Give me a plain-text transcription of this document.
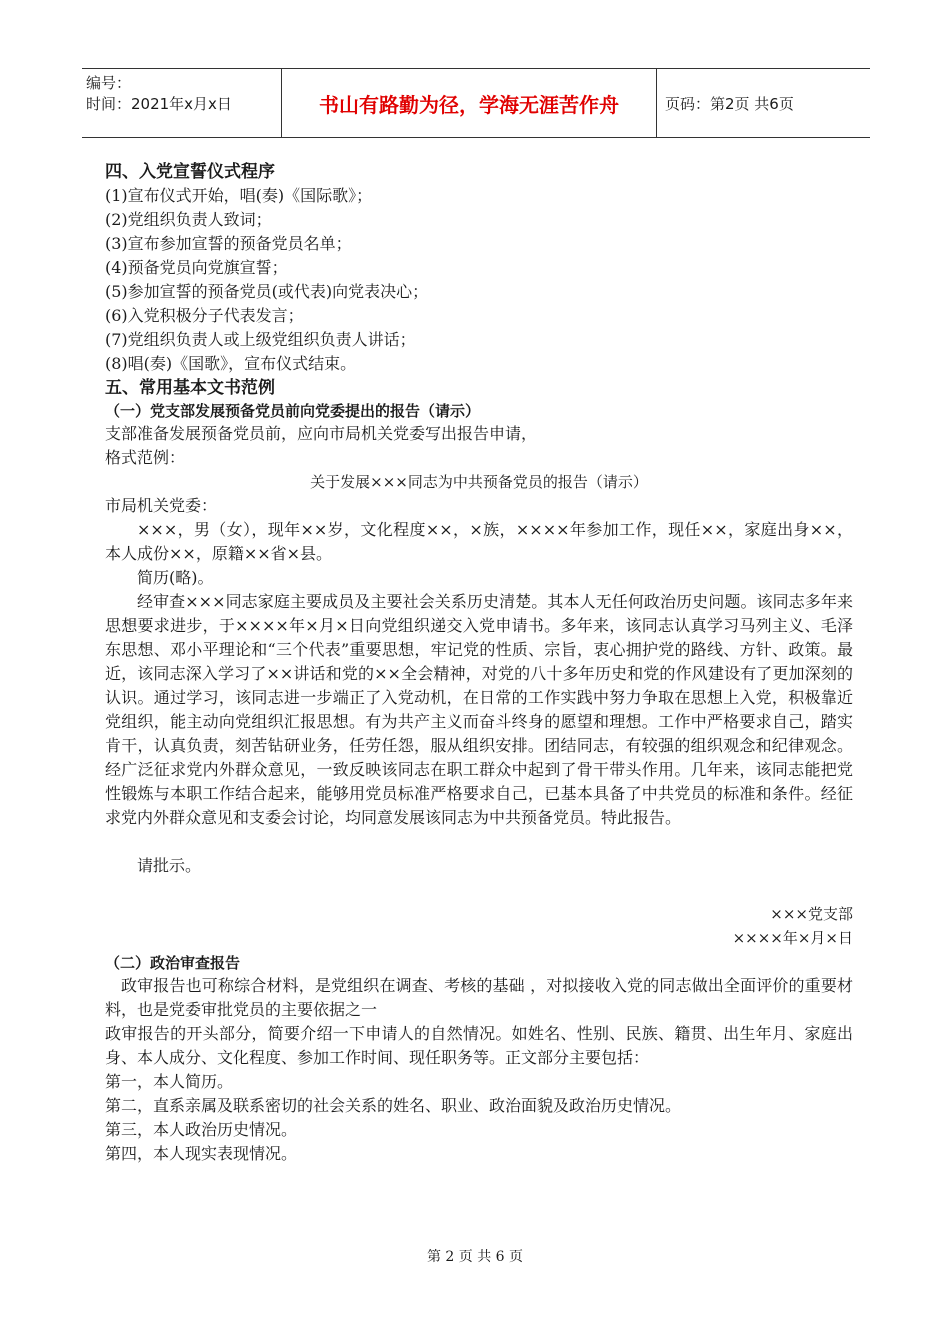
编号：
时间：2021年x月x日	书山有路勤为径，学海无涯苦作舟	页码：第2页 共6页
四、入党宣誓仪式程序
(1)宣布仪式开始，唱(奏)《国际歌》；
(2)党组织负责人致词；
(3)宣布参加宣誓的预备党员名单；
(4)预备党员向党旗宣誓；
(5)参加宣誓的预备党员(或代表)向党表决心；
(6)入党积极分子代表发言；
(7)党组织负责人或上级党组织负责人讲话；
(8)唱(奏)《国歌》，宣布仪式结束。
五、常用基本文书范例
（一）党支部发展预备党员前向党委提出的报告（请示）
支部准备发展预备党员前，应向市局机关党委写出报告申请，
格式范例：
关于发展×××同志为中共预备党员的报告（请示）
市局机关党委：
×××，男（女），现年××岁，文化程度××，×族，××××年参加工作，现任××，家庭出身××，本人成份××，原籍××省×县。
简历(略)。
经审查×××同志家庭主要成员及主要社会关系历史清楚。其本人无任何政治历史问题。该同志多年来思想要求进步，于××××年×月×日向党组织递交入党申请书。多年来，该同志认真学习马列主义、毛泽东思想、邓小平理论和“三个代表”重要思想，牢记党的性质、宗旨，衷心拥护党的路线、方针、政策。最近，该同志深入学习了××讲话和党的××全会精神，对党的八十多年历史和党的作风建设有了更加深刻的认识。通过学习，该同志进一步端正了入党动机，在日常的工作实践中努力争取在思想上入党，积极靠近党组织，能主动向党组织汇报思想。有为共产主义而奋斗终身的愿望和理想。工作中严格要求自己，踏实肯干，认真负责，刻苦钻研业务，任劳任怨，服从组织安排。团结同志，有较强的组织观念和纪律观念。经广泛征求党内外群众意见，一致反映该同志在职工群众中起到了骨干带头作用。几年来，该同志能把党性锻炼与本职工作结合起来，能够用党员标准严格要求自己，已基本具备了中共党员的标准和条件。经征求党内外群众意见和支委会讨论，均同意发展该同志为中共预备党员。特此报告。
请批示。
×××党支部
××××年×月×日
（二）政治审查报告
政审报告也可称综合材料，是党组织在调查、考核的基础 ，对拟接收入党的同志做出全面评价的重要材料，也是党委审批党员的主要依据之一
政审报告的开头部分，简要介绍一下申请人的自然情况。如姓名、性别、民族、籍贯、出生年月、家庭出身、本人成分、文化程度、参加工作时间、现任职务等。正文部分主要包括：
第一，本人简历。
第二，直系亲属及联系密切的社会关系的姓名、职业、政治面貌及政治历史情况。
第三，本人政治历史情况。
第四，本人现实表现情况。
第 2 页 共 6 页
